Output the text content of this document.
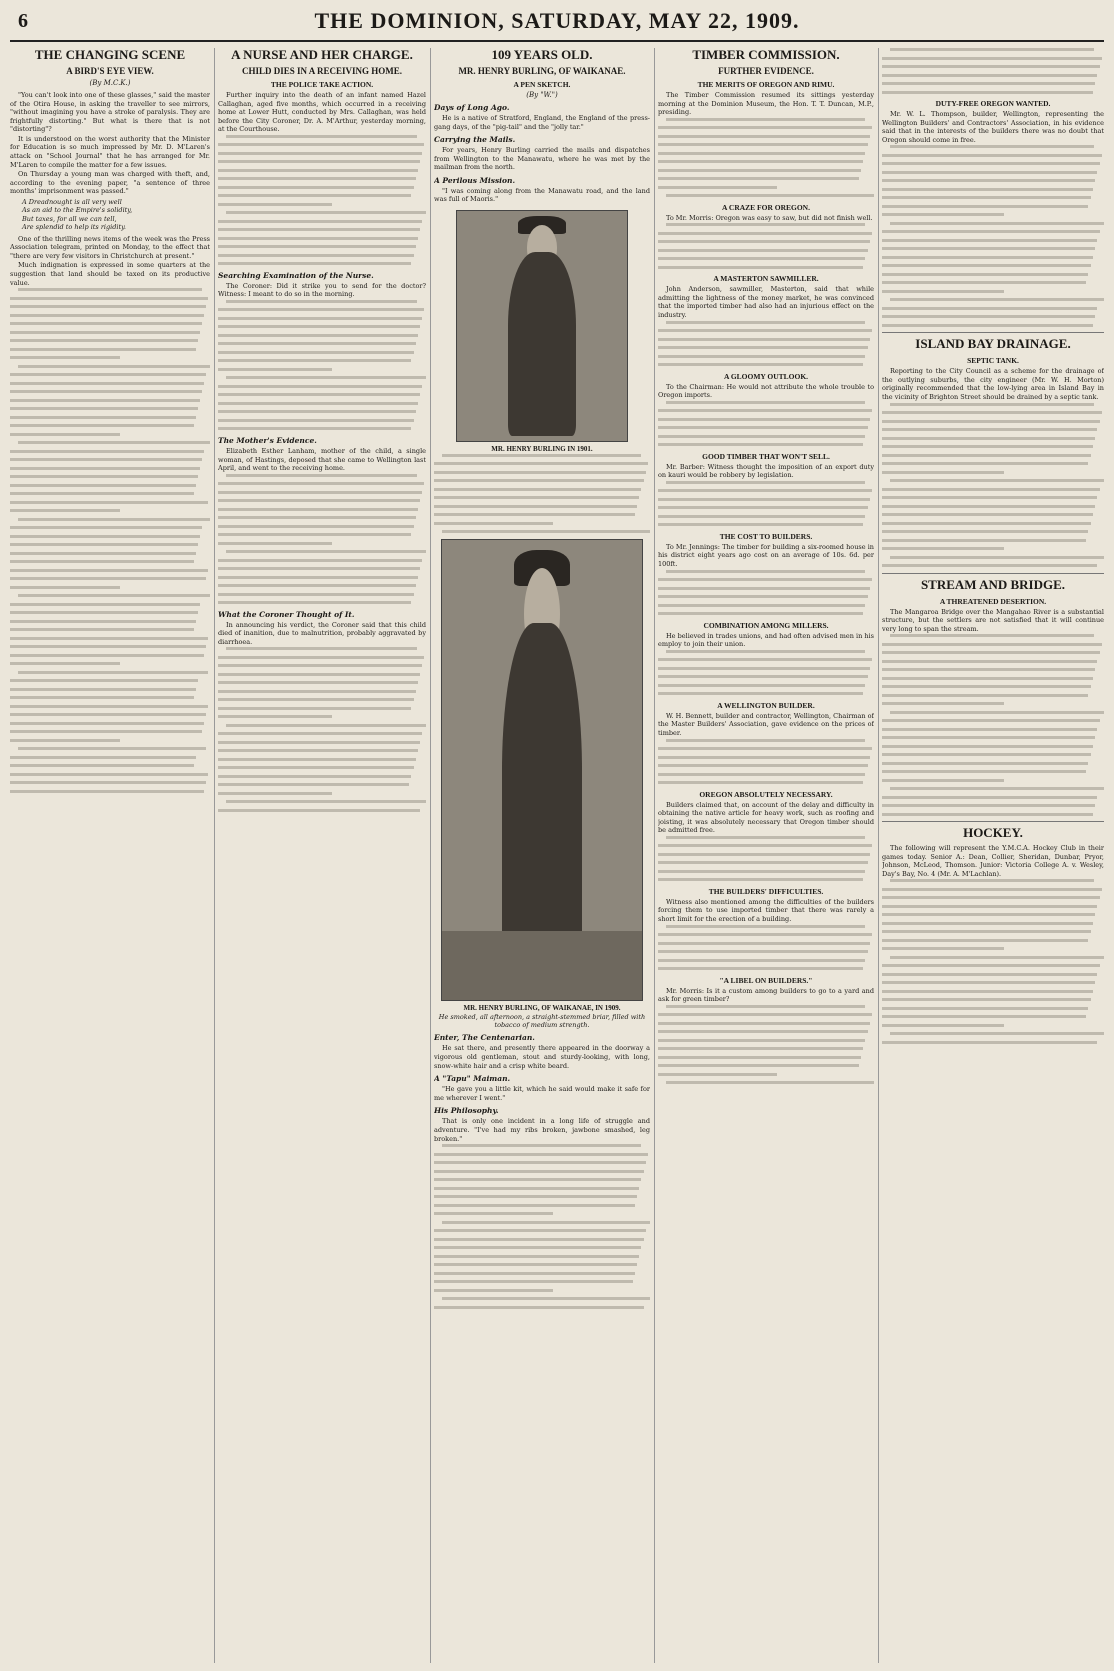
6	THE DOMINION, SATURDAY, MAY 22, 1909.
THE CHANGING SCENE
A BIRD'S EYE VIEW.
(By M.C.K.)

"You can't look into one of these glasses," said the master of the Otira House, in asking the traveller to see mirrors, "without imagining you have a stroke of paralysis. They are frightfully distorting." But what is there that is not "distorting"?

It is understood on the worst authority that the Minister for Education is so much impressed by Mr. D. M'Laren's attack on "School Journal" that he has arranged for Mr. M'Laren to compile the matter for a few issues.

On Thursday a young man was charged with theft, and, according to the evening paper, "a sentence of three months' imprisonment was passed."

A Dreadnought is all very well
As an aid to the Empire's solidity,
But taxes, for all we can tell,
Are splendid to help its rigidity.

One of the thrilling news items of the week was the Press Association telegram, printed on Monday, to the effect that "there are very few visitors in Christchurch at present."

Much indignation is expressed in some quarters at the suggestion that land should be taxed on its productive value.

A NURSE AND HER CHARGE.
CHILD DIES IN A RECEIVING HOME.
THE POLICE TAKE ACTION.

Further inquiry into the death of an infant named Hazel Callaghan, aged five months, which occurred in a receiving home at Lower Hutt, conducted by Mrs. Callaghan, was held before the City Coroner, Dr. A. M'Arthur, yesterday morning, at the Courthouse.

Searching Examination of the Nurse.

The Coroner: Did it strike you to send for the doctor? Witness: I meant to do so in the morning.

The Mother's Evidence.

Elizabeth Esther Lanham, mother of the child, a single woman, of Hastings, deposed that she came to Wellington last April, and went to the receiving home.

What the Coroner Thought of It.

In announcing his verdict, the Coroner said that this child died of inanition, due to malnutrition, probably aggravated by diarrhoea.

109 YEARS OLD.
MR. HENRY BURLING, OF WAIKANAE.
A PEN SKETCH.
(By "W.")
Days of Long Ago.

He is a native of Stratford, England, the England of the press-gang days, of the "pig-tail" and the "jolly tar."

Carrying the Mails.

For years, Henry Burling carried the mails and dispatches from Wellington to the Manawatu, where he was met by the mailman from the north.

A Perilous Mission.

"I was coming along from the Manawatu road, and the land was full of Maoris."

MR. HENRY BURLING IN 1901.
MR. HENRY BURLING, OF WAIKANAE, IN 1909.
He smoked, all afternoon, a straight-stemmed briar, filled with tobacco of medium strength.
Enter, The Centenarian.

He sat there, and presently there appeared in the doorway a vigorous old gentleman, stout and sturdy-looking, with long, snow-white hair and a crisp white beard.

A "Tapu" Maiman.

"He gave you a little kit, which he said would make it safe for me wherever I went."

His Philosophy.

That is only one incident in a long life of struggle and adventure. "I've had my ribs broken, jawbone smashed, leg broken."

TIMBER COMMISSION.
FURTHER EVIDENCE.
THE MERITS OF OREGON AND RIMU.

The Timber Commission resumed its sittings yesterday morning at the Dominion Museum, the Hon. T. T. Duncan, M.P., presiding.

A CRAZE FOR OREGON.

To Mr. Morris: Oregon was easy to saw, but did not finish well.

A MASTERTON SAWMILLER.

John Anderson, sawmiller, Masterton, said that while admitting the lightness of the money market, he was convinced that the imported timber had also had an injurious effect on the industry.

A GLOOMY OUTLOOK.

To the Chairman: He would not attribute the whole trouble to Oregon imports.

GOOD TIMBER THAT WON'T SELL.

Mr. Barber: Witness thought the imposition of an export duty on kauri would be robbery by legislation.

THE COST TO BUILDERS.

To Mr. Jennings: The timber for building a six-roomed house in his district eight years ago cost on an average of 10s. 6d. per 100ft.

COMBINATION AMONG MILLERS.

He believed in trades unions, and had often advised men in his employ to join their union.

A WELLINGTON BUILDER.

W. H. Bennett, builder and contractor, Wellington, Chairman of the Master Builders' Association, gave evidence on the prices of timber.

OREGON ABSOLUTELY NECESSARY.

Builders claimed that, on account of the delay and difficulty in obtaining the native article for heavy work, such as roofing and joisting, it was absolutely necessary that Oregon timber should be admitted free.

THE BUILDERS' DIFFICULTIES.

Witness also mentioned among the difficulties of the builders forcing them to use imported timber that there was rarely a short limit for the erection of a building.

"A LIBEL ON BUILDERS."

Mr. Morris: Is it a custom among builders to go to a yard and ask for green timber?

DUTY-FREE OREGON WANTED.

Mr. W. L. Thompson, builder, Wellington, representing the Wellington Builders' and Contractors' Association, in his evidence said that in the interests of the builders there was no doubt that Oregon should come in free.

ISLAND BAY DRAINAGE.
SEPTIC TANK.

Reporting to the City Council as a scheme for the drainage of the outlying suburbs, the city engineer (Mr. W. H. Morton) originally recommended that the low-lying area in Island Bay in the vicinity of Brighton Street should be drained by a septic tank.

STREAM AND BRIDGE.
A THREATENED DESERTION.

The Mangaroa Bridge over the Mangahao River is a substantial structure, but the settlers are not satisfied that it will continue very long to span the stream.

HOCKEY.

The following will represent the Y.M.C.A. Hockey Club in their games today. Senior A.: Dean, Collier, Sheridan, Dunbar, Pryor, Johnson, McLeod, Thomson. Junior: Victoria College A. v. Wesley, Day's Bay, No. 4 (Mr. A. M'Lachlan).
